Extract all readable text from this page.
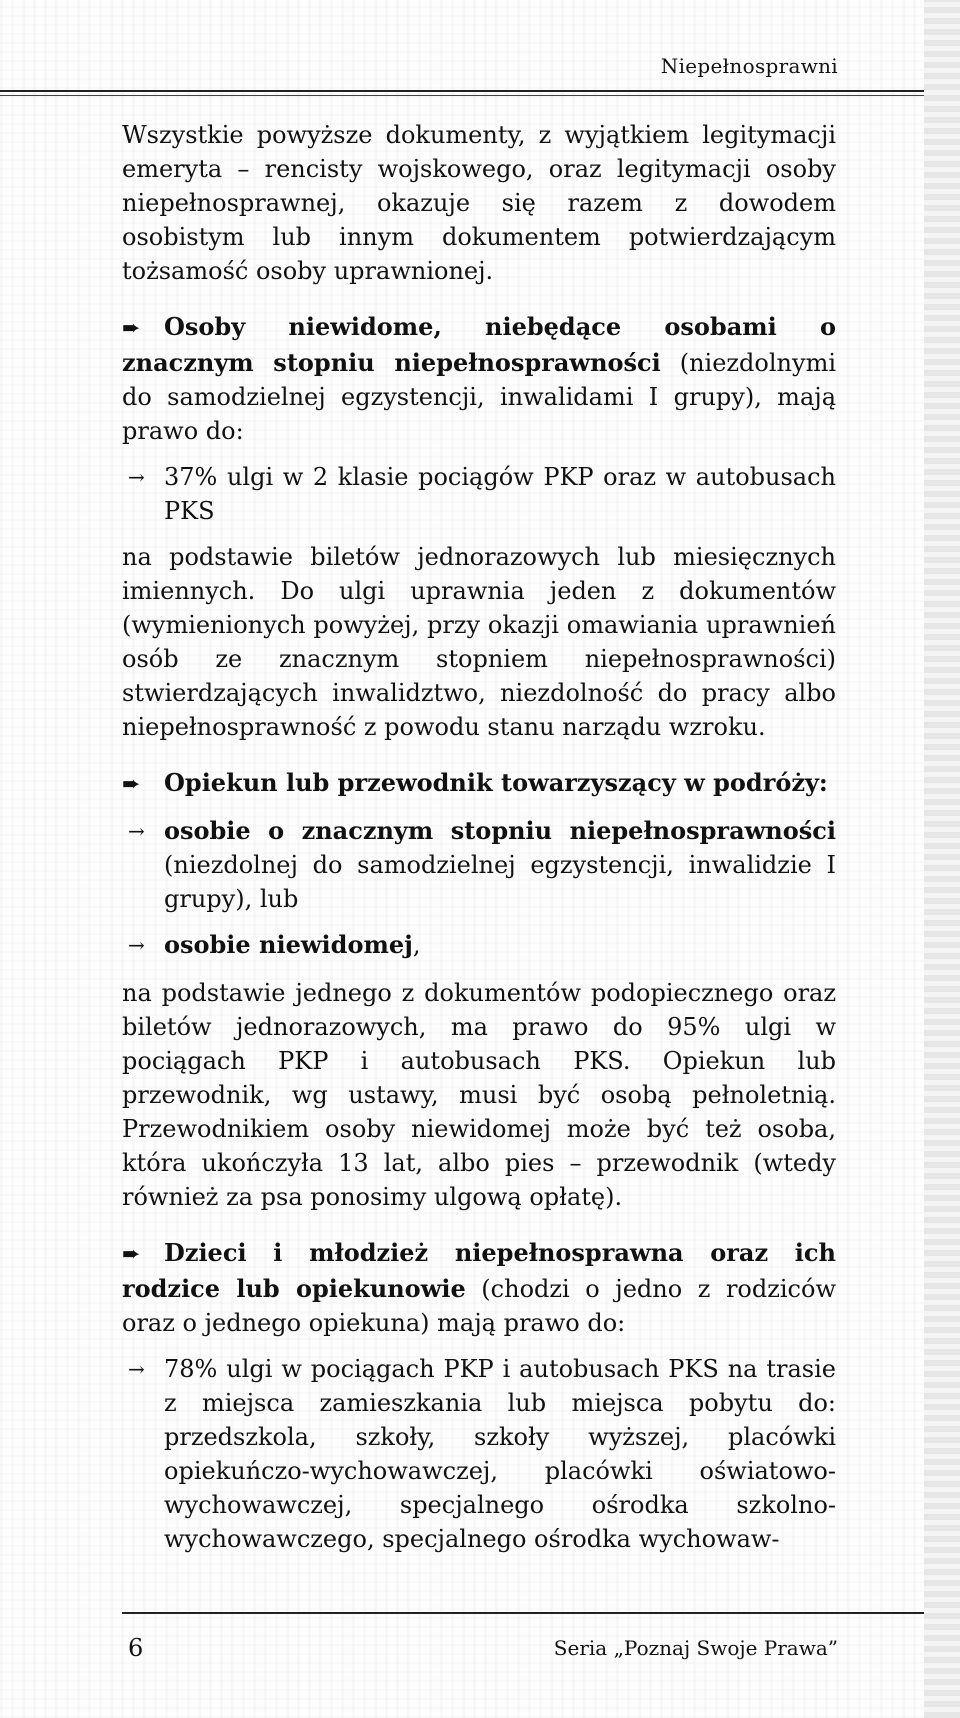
Niepełnosprawni

Wszystkie powyższe dokumenty, z wyjątkiem legitymacji emeryta – rencisty wojskowego, oraz legitymacji osoby niepełnosprawnej, okazuje się razem z dowodem osobistym lub innym dokumentem potwierdzającym tożsamość osoby uprawnionej.

➨ Osoby niewidome, niebędące osobami o znacznym stopniu niepełnosprawności (niezdolnymi do samodzielnej egzystencji, inwalidami I grupy), mają prawo do:

→ 37% ulgi w 2 klasie pociągów PKP oraz w autobusach PKS

na podstawie biletów jednorazowych lub miesięcznych imiennych. Do ulgi uprawnia jeden z dokumentów (wymienionych powyżej, przy okazji omawiania uprawnień osób ze znacznym stopniem niepełnosprawności) stwierdzających inwalidztwo, niezdolność do pracy albo niepełnosprawność z powodu stanu narządu wzroku.

➨ Opiekun lub przewodnik towarzyszący w podróży:

→ osobie o znacznym stopniu niepełnosprawności (niezdolnej do samodzielnej egzystencji, inwalidzie I grupy), lub
→ osobie niewidomej,

na podstawie jednego z dokumentów podopiecznego oraz biletów jednorazowych, ma prawo do 95% ulgi w pociągach PKP i autobusach PKS. Opiekun lub przewodnik, wg ustawy, musi być osobą pełnoletnią. Przewodnikiem osoby niewidomej może być też osoba, która ukończyła 13 lat, albo pies – przewodnik (wtedy również za psa ponosimy ulgową opłatę).

➨ Dzieci i młodzież niepełnosprawna oraz ich rodzice lub opiekunowie (chodzi o jedno z rodziców oraz o jednego opiekuna) mają prawo do:

→ 78% ulgi w pociągach PKP i autobusach PKS na trasie z miejsca zamieszkania lub miejsca pobytu do: przedszkola, szkoły, szkoły wyższej, placówki opiekuńczo-wychowawczej, placówki oświatowo-wychowawczej, specjalnego ośrodka szkolno-wychowawczego, specjalnego ośrodka wychowaw-
6	Seria „Poznaj Swoje Prawa”
